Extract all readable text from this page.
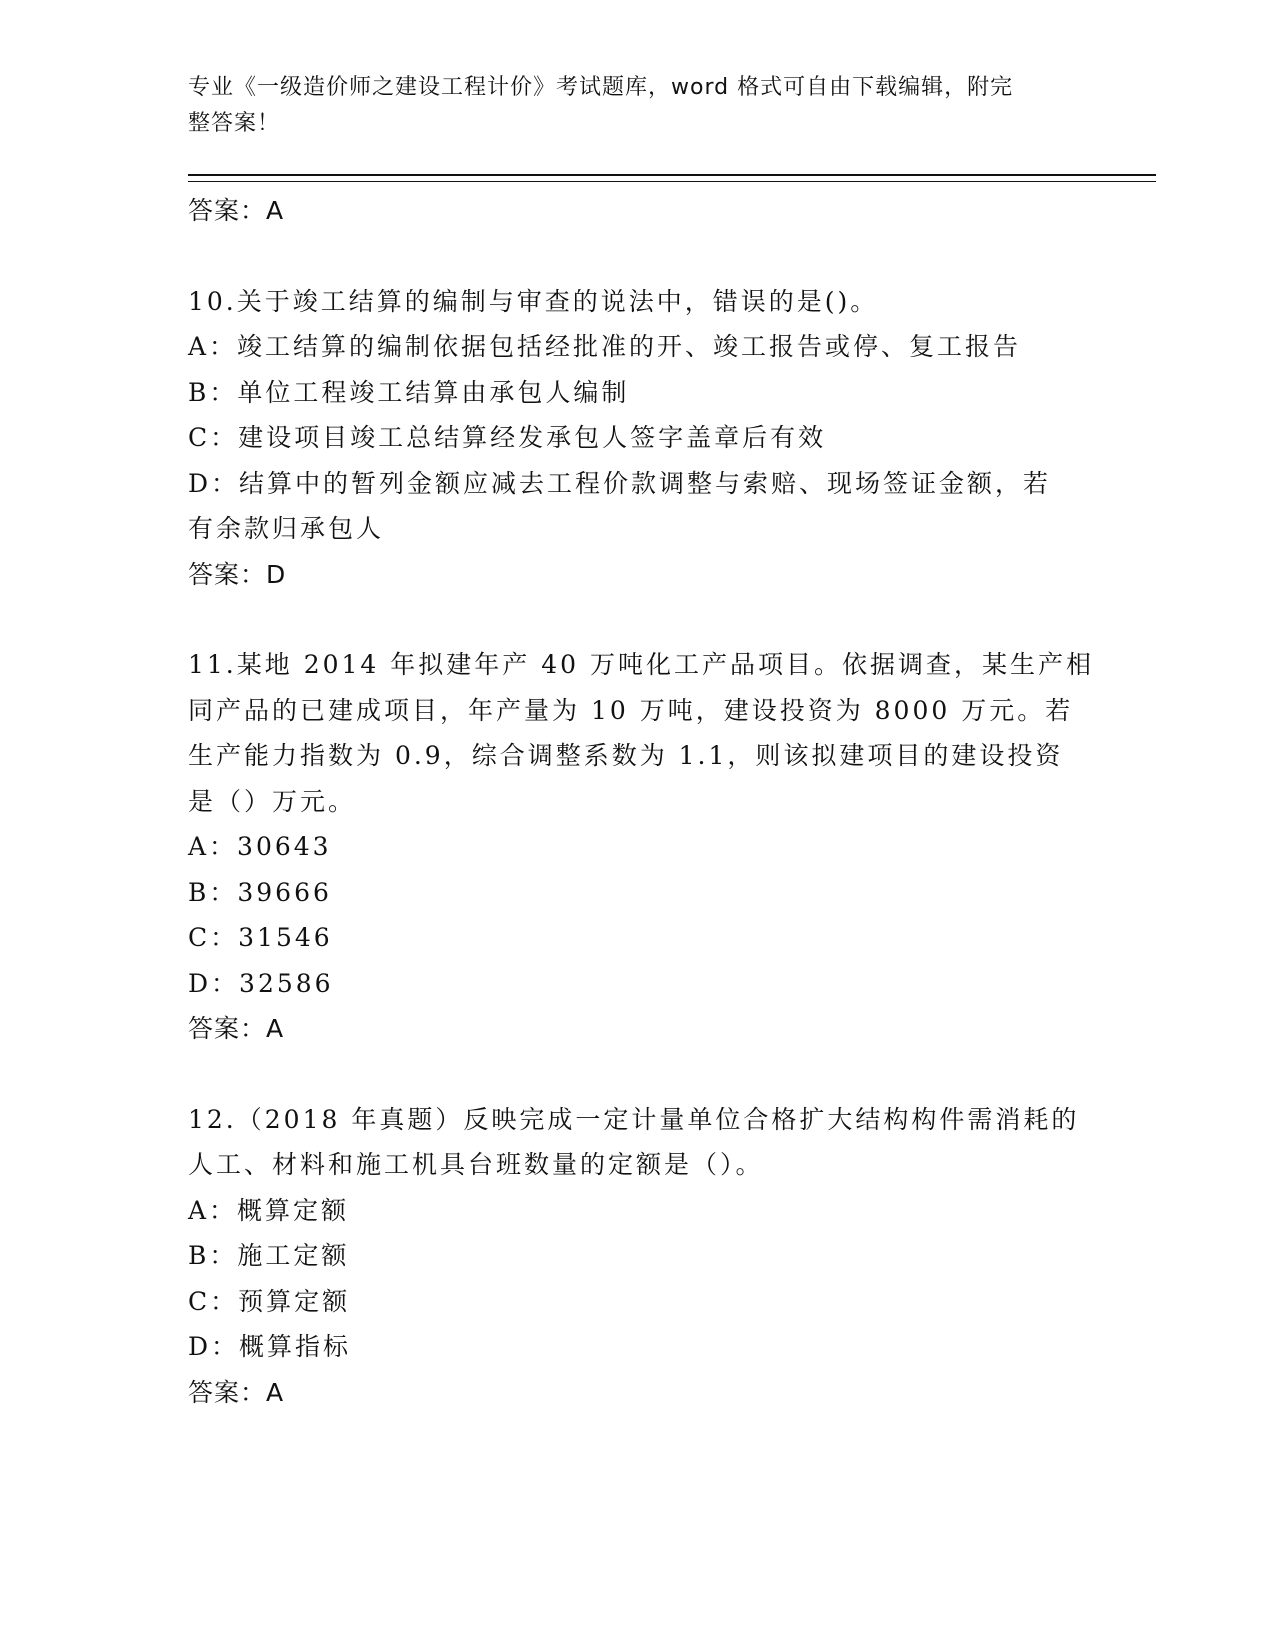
专业《一级造价师之建设工程计价》考试题库，word 格式可自由下载编辑，附完
整答案！
答案：A
10.关于竣工结算的编制与审查的说法中，错误的是()。
A：竣工结算的编制依据包括经批准的开、竣工报告或停、复工报告
B：单位工程竣工结算由承包人编制
C：建设项目竣工总结算经发承包人签字盖章后有效
D：结算中的暂列金额应减去工程价款调整与索赔、现场签证金额，若
有余款归承包人
答案：D
11.某地 2014 年拟建年产 40 万吨化工产品项目。依据调查，某生产相
同产品的已建成项目，年产量为 10 万吨，建设投资为 8000 万元。若
生产能力指数为 0.9，综合调整系数为 1.1，则该拟建项目的建设投资
是（）万元。
A：30643
B：39666
C：31546
D：32586
答案：A
12.（2018 年真题）反映完成一定计量单位合格扩大结构构件需消耗的
人工、材料和施工机具台班数量的定额是（）。
A：概算定额
B：施工定额
C：预算定额
D：概算指标
答案：A
